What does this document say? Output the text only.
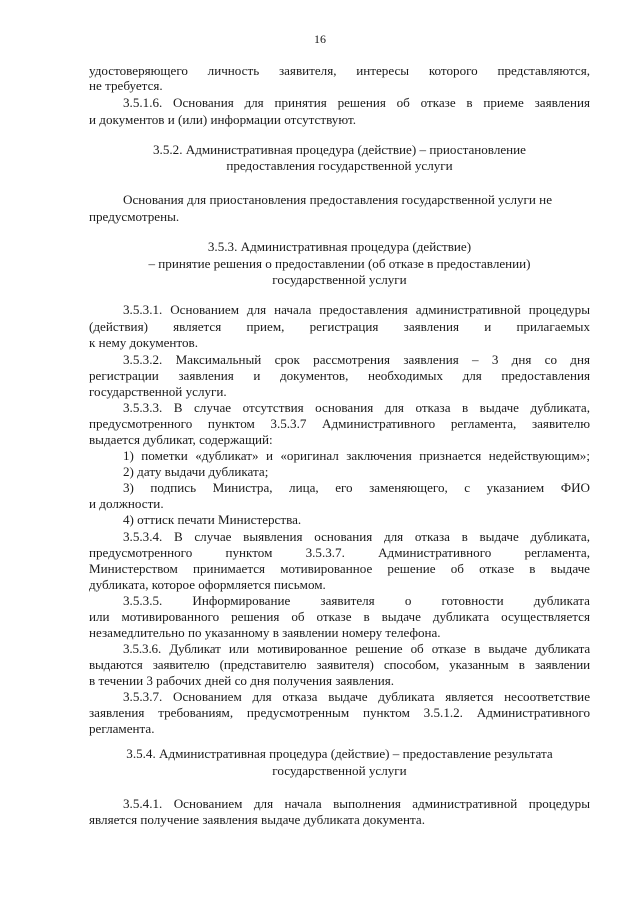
16
удостоверяющего личность заявителя, интересы которого представляются,
не требуется.
3.5.1.6. Основания для принятия решения об отказе в приеме заявления
и документов и (или) информации отсутствуют.
3.5.2. Административная процедура (действие) – приостановление
предоставления государственной услуги
Основания для приостановления предоставления государственной услуги не
предусмотрены.
3.5.3. Административная процедура (действие)
– принятие решения о предоставлении (об отказе в предоставлении)
государственной услуги
3.5.3.1. Основанием для начала предоставления административной процедуры
(действия) является прием, регистрация заявления и прилагаемых
к нему документов.
3.5.3.2. Максимальный срок рассмотрения заявления – 3 дня со дня
регистрации заявления и документов, необходимых для предоставления
государственной услуги.
3.5.3.3. В случае отсутствия основания для отказа в выдаче дубликата,
предусмотренного пунктом 3.5.3.7 Административного регламента, заявителю
выдается дубликат, содержащий:
1) пометки «дубликат» и «оригинал заключения признается недействующим»;
2) дату выдачи дубликата;
3) подпись Министра, лица, его заменяющего, с указанием ФИО
и должности.
4) оттиск печати Министерства.
3.5.3.4. В случае выявления основания для отказа в выдаче дубликата,
предусмотренного пунктом 3.5.3.7. Административного регламента,
Министерством принимается мотивированное решение об отказе в выдаче
дубликата, которое оформляется письмом.
3.5.3.5. Информирование заявителя о готовности дубликата
или мотивированного решения об отказе в выдаче дубликата осуществляется
незамедлительно по указанному в заявлении номеру телефона.
3.5.3.6. Дубликат или мотивированное решение об отказе в выдаче дубликата
выдаются заявителю (представителю заявителя) способом, указанным в заявлении
в течении 3 рабочих дней со дня получения заявления.
3.5.3.7. Основанием для отказа выдаче дубликата является несоответствие
заявления требованиям, предусмотренным пунктом 3.5.1.2. Административного
регламента.
3.5.4. Административная процедура (действие) – предоставление результата
государственной услуги
3.5.4.1. Основанием для начала выполнения административной процедуры
является получение заявления выдаче дубликата документа.
